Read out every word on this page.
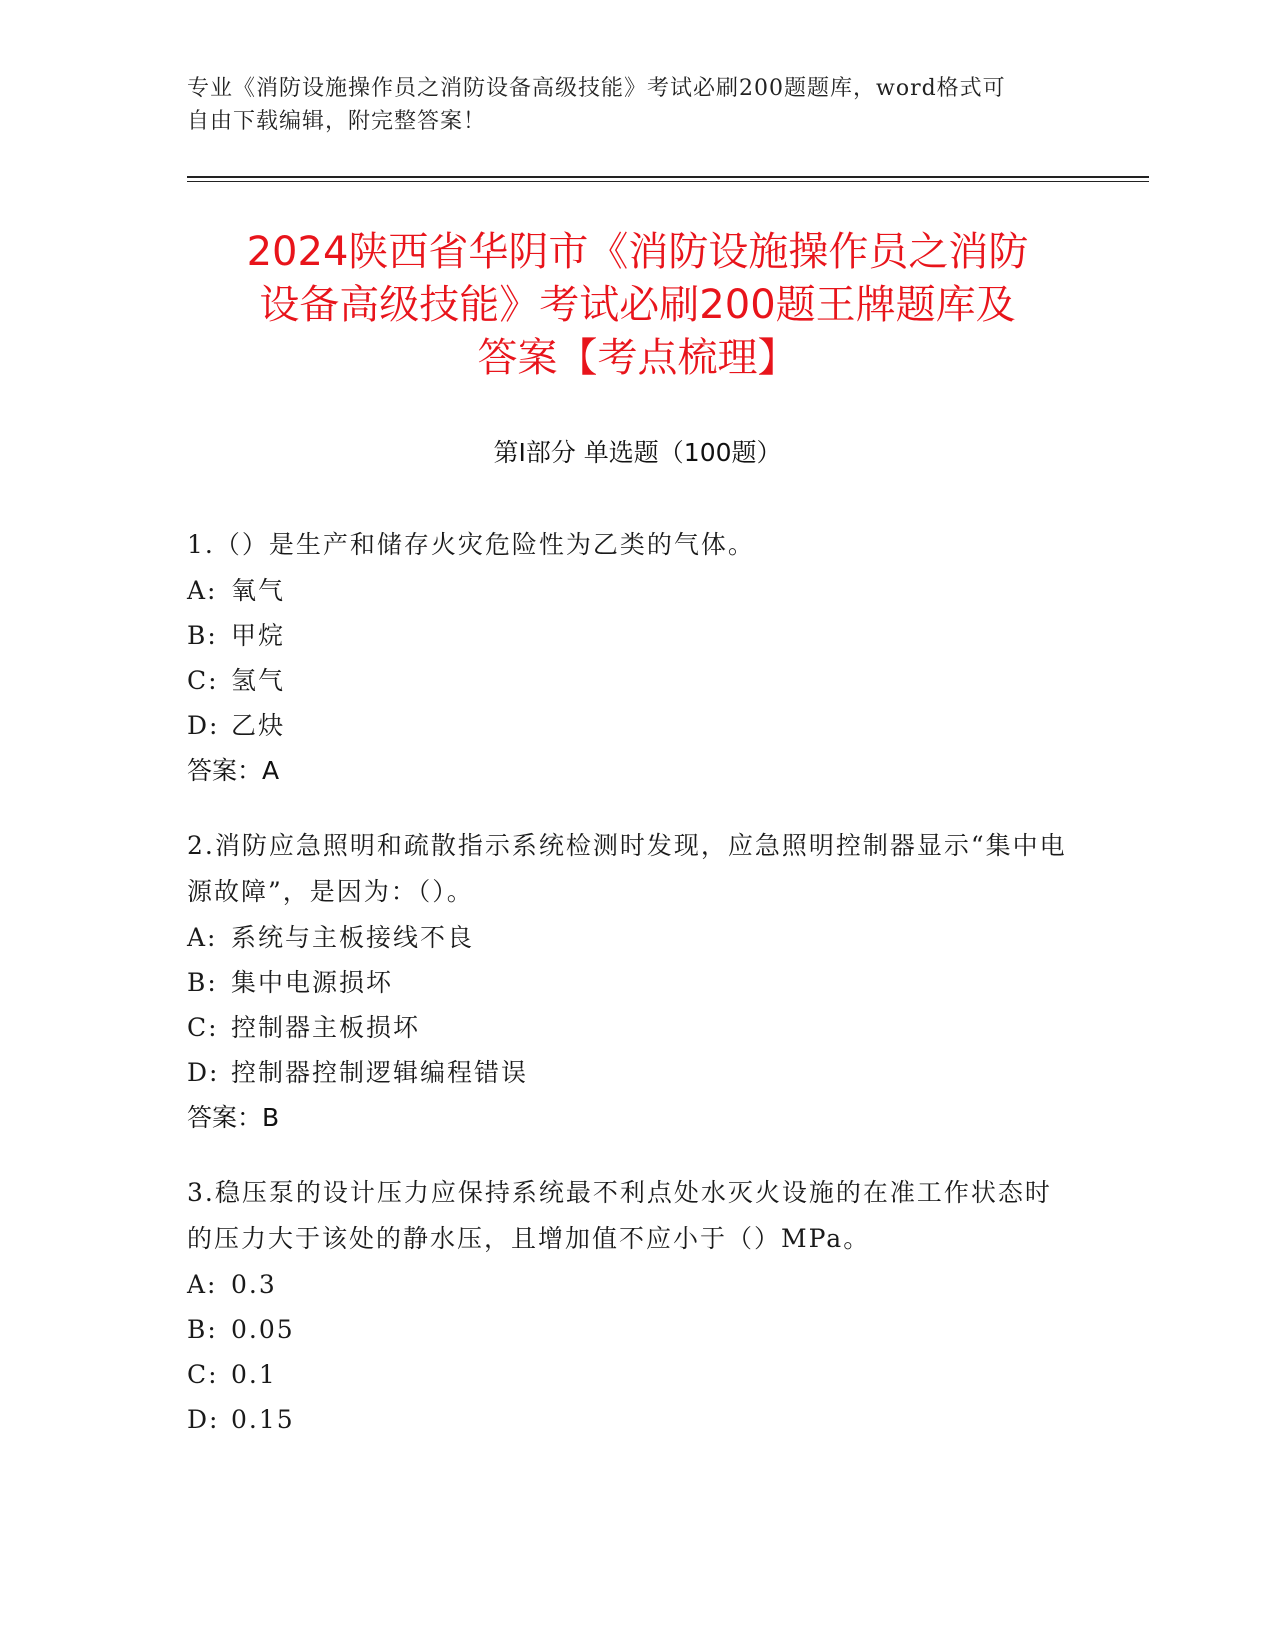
专业《消防设施操作员之消防设备高级技能》考试必刷200题题库，word格式可
自由下载编辑，附完整答案！
2024陕西省华阴市《消防设施操作员之消防
设备高级技能》考试必刷200题王牌题库及
答案【考点梳理】
第Ⅰ部分 单选题（100题）

1.（）是生产和储存火灾危险性为乙类的气体。

A: 氧气

B: 甲烷

C: 氢气

D: 乙炔

答案：A

2.消防应急照明和疏散指示系统检测时发现，应急照明控制器显示“集中电源故障”，是因为：（）。

A: 系统与主板接线不良

B: 集中电源损坏

C: 控制器主板损坏

D: 控制器控制逻辑编程错误

答案：B

3.稳压泵的设计压力应保持系统最不利点处水灭火设施的在准工作状态时的压力大于该处的静水压，且增加值不应小于（）MPa。

A: 0.3

B: 0.05

C: 0.1

D: 0.15
